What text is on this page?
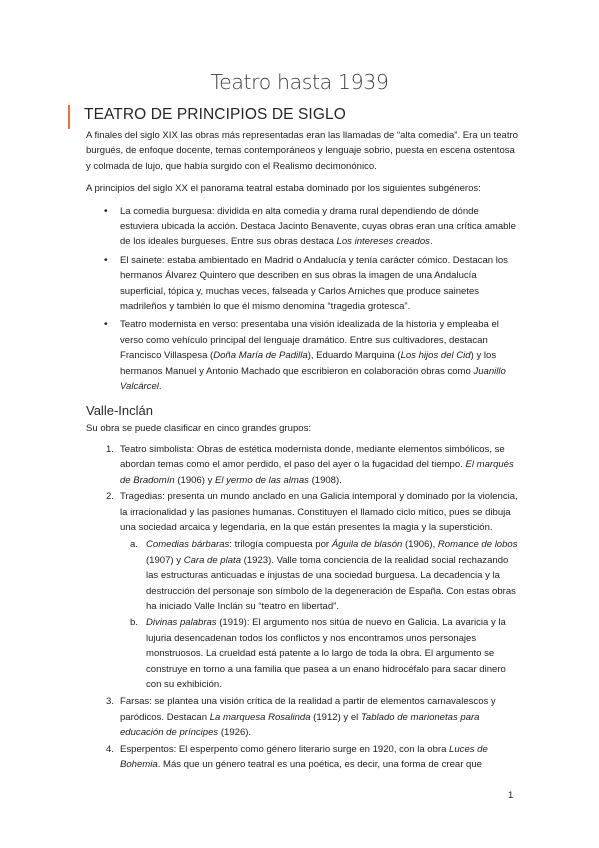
Teatro hasta 1939
TEATRO DE PRINCIPIOS DE SIGLO

A finales del siglo XIX las obras más representadas eran las llamadas de “alta comedia”. Era un teatro burgués, de enfoque docente, temas contemporáneos y lenguaje sobrio, puesta en escena ostentosa y colmada de lujo, que había surgido con el Realismo decimonónico.

A principios del siglo XX el panorama teatral estaba dominado por los siguientes subgéneros:

• La comedia burguesa: dividida en alta comedia y drama rural dependiendo de dónde estuviera ubicada la acción. Destaca Jacinto Benavente, cuyas obras eran una crítica amable de los ideales burgueses. Entre sus obras destaca Los intereses creados.
• El sainete: estaba ambientado en Madrid o Andalucía y tenía carácter cómico. Destacan los hermanos Álvarez Quintero que describen en sus obras la imagen de una Andalucía superficial, tópica y, muchas veces, falseada y Carlos Arniches que produce sainetes madrileños y también lo que él mismo denomina “tragedia grotesca”.
• Teatro modernista en verso: presentaba una visión idealizada de la historia y empleaba el verso como vehículo principal del lenguaje dramático. Entre sus cultivadores, destacan Francisco Villaspesa (Doña María de Padilla), Eduardo Marquina (Los hijos del Cid) y los hermanos Manuel y Antonio Machado que escribieron en colaboración obras como Juanillo Valcárcel.
Valle-Inclán

Su obra se puede clasificar en cinco grandes grupos:

1. Teatro simbolista: Obras de estética modernista donde, mediante elementos simbólicos, se abordan temas como el amor perdido, el paso del ayer o la fugacidad del tiempo. El marqués de Bradomín (1906) y El yermo de las almas (1908).
2. Tragedias: presenta un mundo anclado en una Galicia intemporal y dominado por la violencia, la irracionalidad y las pasiones humanas. Constituyen el llamado ciclo mítico, pues se dibuja una sociedad arcaica y legendaria, en la que están presentes la magia y la superstición.
a. Comedias bárbaras: trilogía compuesta por Águila de blasón (1906), Romance de lobos (1907) y Cara de plata (1923). Valle toma conciencia de la realidad social rechazando las estructuras anticuadas e injustas de una sociedad burguesa. La decadencia y la destrucción del personaje son símbolo de la degeneración de España. Con estas obras ha iniciado Valle Inclán su “teatro en libertad”.
b. Divinas palabras (1919): El argumento nos sitúa de nuevo en Galicia. La avaricia y la lujuria desencadenan todos los conflictos y nos encontramos unos personajes monstruosos. La crueldad está patente a lo largo de toda la obra. El argumento se construye en torno a una familia que pasea a un enano hidrocéfalo para sacar dinero con su exhibición.
3. Farsas: se plantea una visión crítica de la realidad a partir de elementos carnavalescos y paródicos. Destacan La marquesa Rosalinda (1912) y el Tablado de marionetas para educación de príncipes (1926).
4. Esperpentos: El esperpento como género literario surge en 1920, con la obra Luces de Bohemia. Más que un género teatral es una poética, es decir, una forma de crear que
1
